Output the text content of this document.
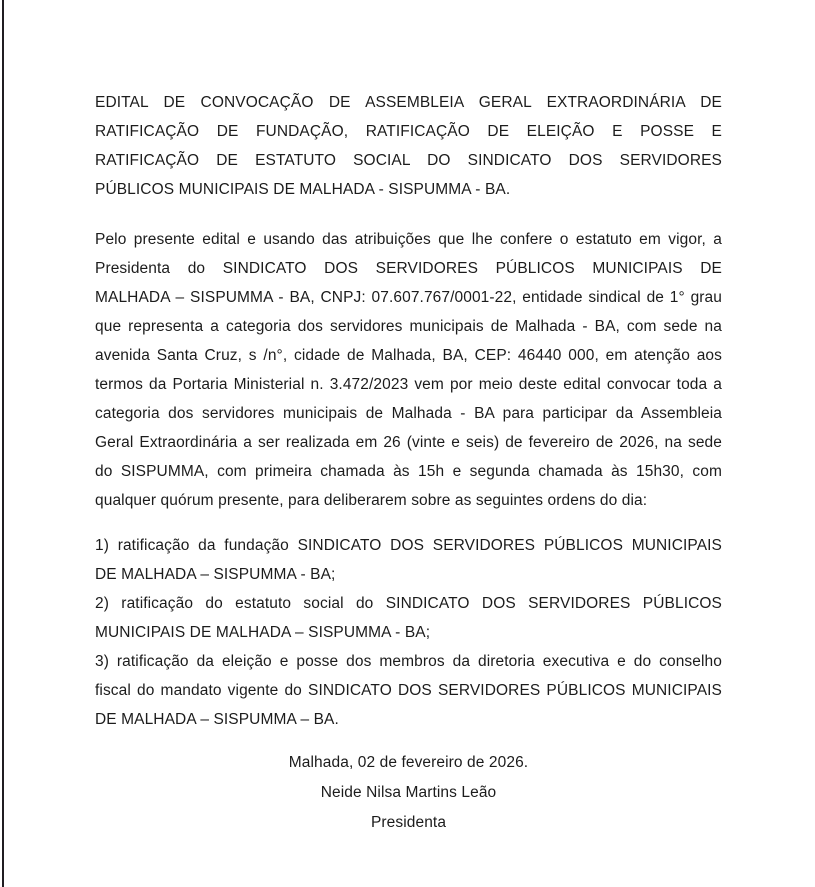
EDITAL DE CONVOCAÇÃO DE ASSEMBLEIA GERAL EXTRAORDINÁRIA DE
RATIFICAÇÃO DE FUNDAÇÃO, RATIFICAÇÃO DE ELEIÇÃO E POSSE E
RATIFICAÇÃO DE ESTATUTO SOCIAL DO SINDICATO DOS SERVIDORES
PÚBLICOS MUNICIPAIS DE MALHADA - SISPUMMA - BA.
Pelo presente edital e usando das atribuições que lhe confere o estatuto em vigor, a
Presidenta do SINDICATO DOS SERVIDORES PÚBLICOS MUNICIPAIS DE
MALHADA – SISPUMMA - BA, CNPJ: 07.607.767/0001-22, entidade sindical de 1° grau
que representa a categoria dos servidores municipais de Malhada - BA, com sede na
avenida Santa Cruz, s /n°, cidade de Malhada, BA, CEP: 46440 000, em atenção aos
termos da Portaria Ministerial n. 3.472/2023 vem por meio deste edital convocar toda a
categoria dos servidores municipais de Malhada - BA para participar da Assembleia
Geral Extraordinária a ser realizada em 26 (vinte e seis) de fevereiro de 2026, na sede
do SISPUMMA, com primeira chamada às 15h e segunda chamada às 15h30, com
qualquer quórum presente, para deliberarem sobre as seguintes ordens do dia:
1) ratificação da fundação SINDICATO DOS SERVIDORES PÚBLICOS MUNICIPAIS
DE MALHADA – SISPUMMA - BA;
2) ratificação do estatuto social do SINDICATO DOS SERVIDORES PÚBLICOS
MUNICIPAIS DE MALHADA – SISPUMMA - BA;
3) ratificação da eleição e posse dos membros da diretoria executiva e do conselho
fiscal do mandato vigente do SINDICATO DOS SERVIDORES PÚBLICOS MUNICIPAIS
DE MALHADA – SISPUMMA – BA.
Malhada, 02 de fevereiro de 2026.
Neide Nilsa Martins Leão
Presidenta
